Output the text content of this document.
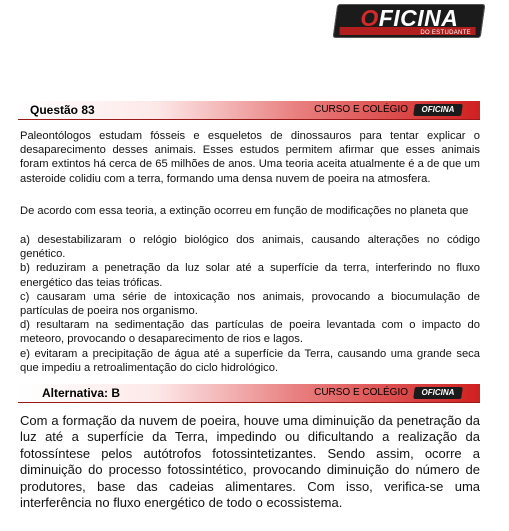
OFICINA
DO ESTUDANTE
Questão 83	CURSO E COLÉGIO	OFICINA

Paleontólogos estudam fósseis e esqueletos de dinossauros para tentar explicar o desaparecimento desses animais. Esses estudos permitem afirmar que esses animais foram extintos há cerca de 65 milhões de anos. Uma teoria aceita atualmente é a de que um asteroide colidiu com a terra, formando uma densa nuvem de poeira na atmosfera.

De acordo com essa teoria, a extinção ocorreu em função de modificações no planeta que

a) desestabilizaram o relógio biológico dos animais, causando alterações no código genético.
b) reduziram a penetração da luz solar até a superfície da terra, interferindo no fluxo energético das teias tróficas.
c) causaram uma série de intoxicação nos animais, provocando a biocumulação de partículas de poeira nos organismo.
d) resultaram na sedimentação das partículas de poeira levantada com o impacto do meteoro, provocando o desaparecimento de rios e lagos.
e) evitaram a precipitação de água até a superfície da Terra, causando uma grande seca que impediu a retroalimentação do ciclo hidrológico.
Alternativa: B	CURSO E COLÉGIO	OFICINA

Com a formação da nuvem de poeira, houve uma diminuição da penetração da luz até a superfície da Terra, impedindo ou dificultando a realização da fotossíntese pelos autótrofos fotossintetizantes. Sendo assim, ocorre a diminuição do processo fotossintético, provocando diminuição do número de produtores, base das cadeias alimentares. Com isso, verifica-se uma interferência no fluxo energético de todo o ecossistema.
